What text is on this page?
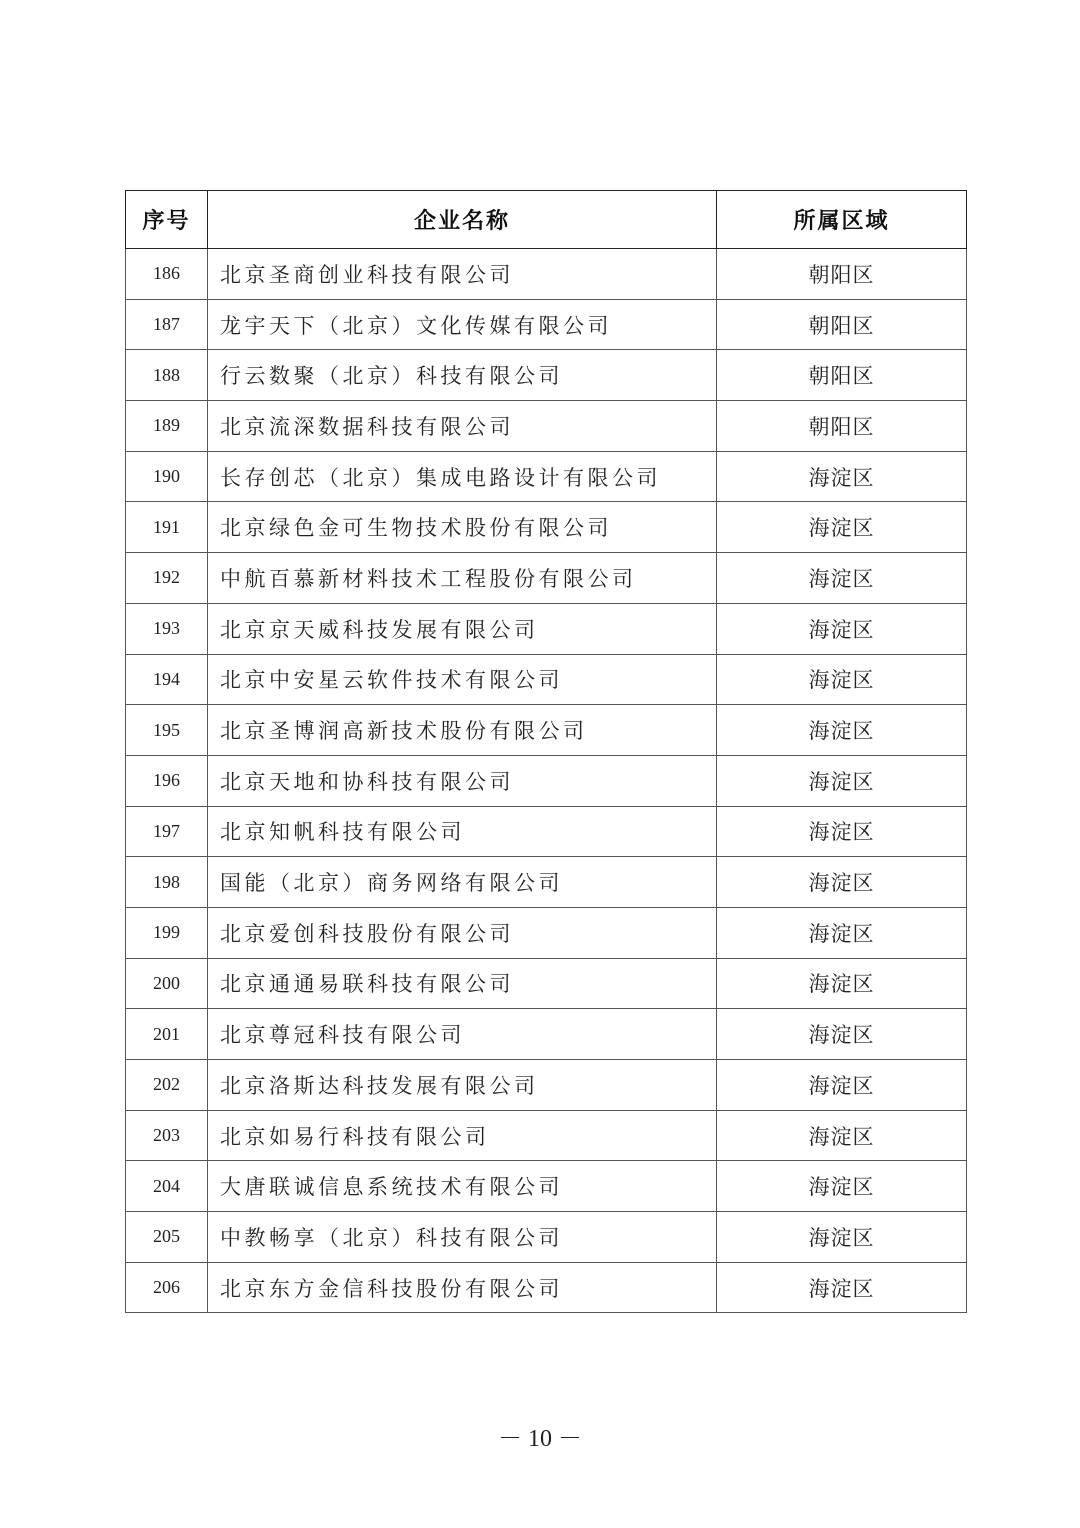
序号	企业名称	所属区域
186	北京圣商创业科技有限公司	朝阳区
187	龙宇天下（北京）文化传媒有限公司	朝阳区
188	行云数聚（北京）科技有限公司	朝阳区
189	北京流深数据科技有限公司	朝阳区
190	长存创芯（北京）集成电路设计有限公司	海淀区
191	北京绿色金可生物技术股份有限公司	海淀区
192	中航百慕新材料技术工程股份有限公司	海淀区
193	北京京天威科技发展有限公司	海淀区
194	北京中安星云软件技术有限公司	海淀区
195	北京圣博润高新技术股份有限公司	海淀区
196	北京天地和协科技有限公司	海淀区
197	北京知帆科技有限公司	海淀区
198	国能（北京）商务网络有限公司	海淀区
199	北京爱创科技股份有限公司	海淀区
200	北京通通易联科技有限公司	海淀区
201	北京尊冠科技有限公司	海淀区
202	北京洛斯达科技发展有限公司	海淀区
203	北京如易行科技有限公司	海淀区
204	大唐联诚信息系统技术有限公司	海淀区
205	中教畅享（北京）科技有限公司	海淀区
206	北京东方金信科技股份有限公司	海淀区
－ 10 －
